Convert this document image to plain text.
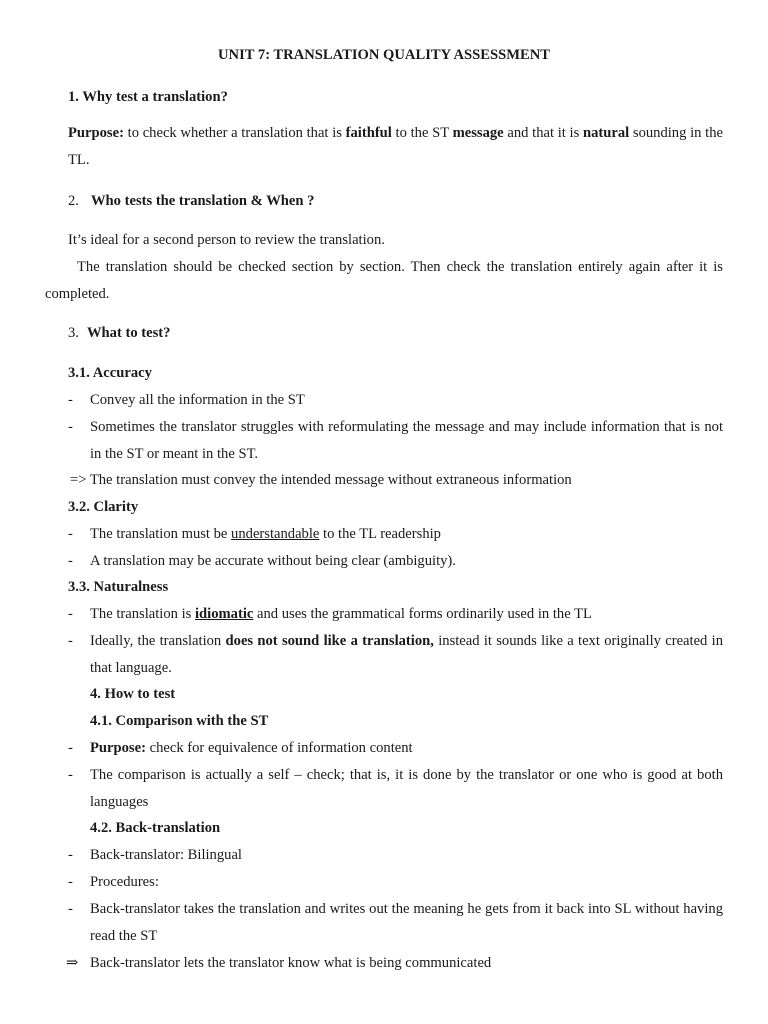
UNIT 7: TRANSLATION QUALITY ASSESSMENT
1. Why test a translation?
Purpose: to check whether a translation that is faithful to the ST message and that it is natural sounding in the TL.
2. Who tests the translation & When ?
It’s ideal for a second person to review the translation.
The translation should be checked section by section. Then check the translation entirely again after it is completed.
3. What to test?
3.1. Accuracy
- Convey all the information in the ST
- Sometimes the translator struggles with reformulating the message and may include information that is not in the ST or meant in the ST.
=> The translation must convey the intended message without extraneous information
3.2. Clarity
- The translation must be understandable to the TL readership
- A translation may be accurate without being clear (ambiguity).
3.3. Naturalness
- The translation is idiomatic and uses the grammatical forms ordinarily used in the TL
- Ideally, the translation does not sound like a translation, instead it sounds like a text originally created in that language.
4. How to test
4.1. Comparison with the ST
- Purpose: check for equivalence of information content
- The comparison is actually a self – check; that is, it is done by the translator or one who is good at both languages
4.2. Back-translation
- Back-translator: Bilingual
- Procedures:
- Back-translator takes the translation and writes out the meaning he gets from it back into SL without having read the ST
⇒ Back-translator lets the translator know what is being communicated
